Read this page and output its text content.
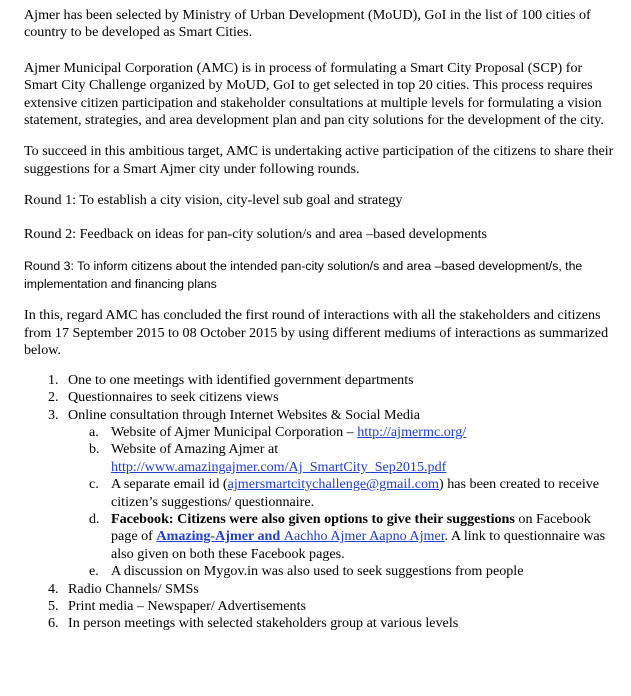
Ajmer has been selected by Ministry of Urban Development (MoUD), GoI in the list of 100 cities of country to be developed as Smart Cities.

Ajmer Municipal Corporation (AMC) is in process of formulating a Smart City Proposal (SCP) for Smart City Challenge organized by MoUD, GoI to get selected in top 20 cities. This process requires extensive citizen participation and stakeholder consultations at multiple levels for formulating a vision statement, strategies, and area development plan and pan city solutions for the development of the city.

To succeed in this ambitious target, AMC is undertaking active participation of the citizens to share their suggestions for a Smart Ajmer city under following rounds.

Round 1: To establish a city vision, city-level sub goal and strategy

Round 2: Feedback on ideas for pan-city solution/s and area –based developments

Round 3: To inform citizens about the intended pan-city solution/s and area –based development/s, the implementation and financing plans

In this, regard AMC has concluded the first round of interactions with all the stakeholders and citizens from 17 September 2015 to 08 October 2015 by using different mediums of interactions as summarized below.

1. One to one meetings with identified government departments
2. Questionnaires to seek citizens views
3. Online consultation through Internet Websites & Social Media
a. Website of Ajmer Municipal Corporation – http://ajmermc.org/
b. Website of Amazing Ajmer at
http://www.amazingajmer.com/Aj_SmartCity_Sep2015.pdf
c. A separate email id (ajmersmartcitychallenge@gmail.com) has been created to receive citizen’s suggestions/ questionnaire.
d. Facebook: Citizens were also given options to give their suggestions on Facebook page of Amazing-Ajmer and Aachho Ajmer Aapno Ajmer. A link to questionnaire was also given on both these Facebook pages.
e. A discussion on Mygov.in was also used to seek suggestions from people
4. Radio Channels/ SMSs
5. Print media – Newspaper/ Advertisements
6. In person meetings with selected stakeholders group at various levels
